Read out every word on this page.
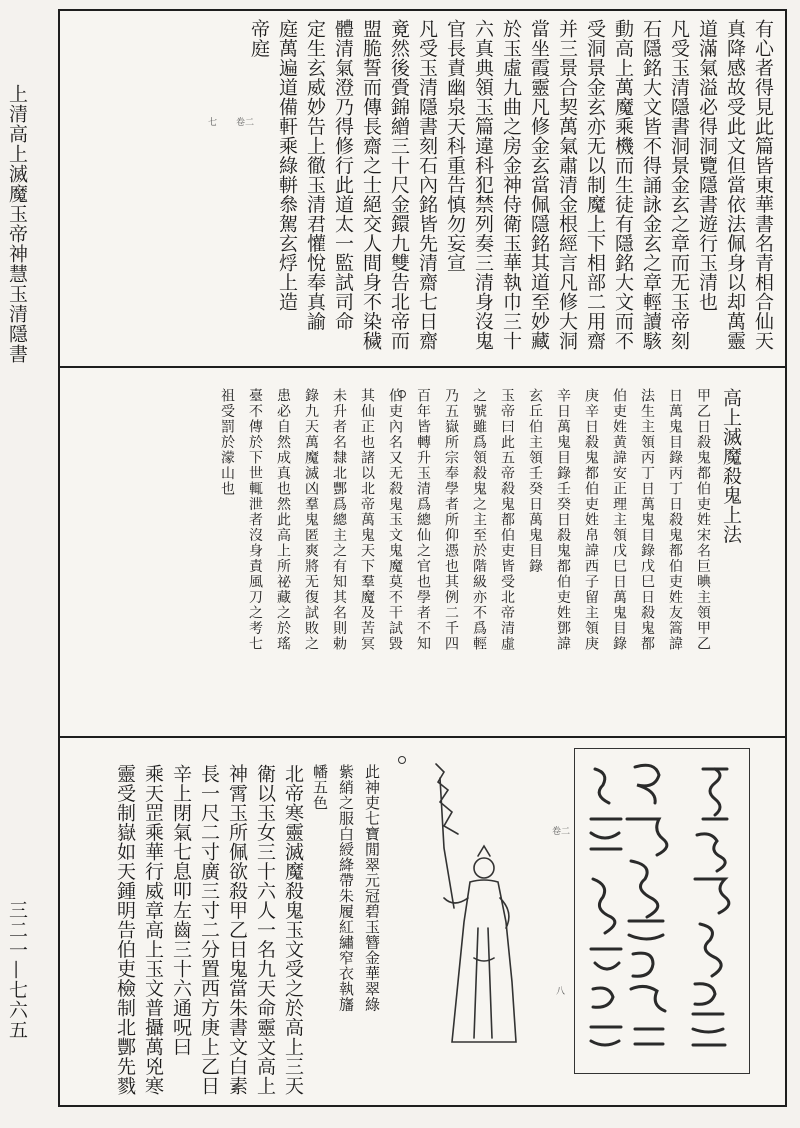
上清高上滅魔玉帝神慧玉清隱書
三二一—七六五
有心者得見此篇皆東華書名青相合仙天
真降感故受此文但當依法佩身以却萬靈
道滿氣溢必得洞覽隱書遊行玉清也
凡受玉清隱書洞景金玄之章而无玉帝刻
石隱銘大文皆不得誦詠金玄之章輕讀駭
動高上萬魔乘機而生徒有隱銘大文而不
受洞景金玄亦无以制魔上下相部二用齋
并三景合契萬氣肅清金根經言凡修大洞
當坐霞靈凡修金玄當佩隱銘其道至妙藏
於玉虛九曲之房金神侍衛玉華執巾三十
六真典領玉篇違科犯禁列奏三清身沒鬼
官長責幽泉天科重告慎勿妄宣
凡受玉清隱書刻石內銘皆先清齋七日齋
竟然後賫錦繒三十尺金鐶九雙告北帝而
盟脆誓而傳長齋之士絕交人間身不染穢
體清氣澄乃得修行此道太一監試司命
定生玄威妙告上徹玉清君懽悅奉真諭
庭萬遍道備軒乘綠軿叅駕玄烰上造
帝庭
卷二
七
高上滅魔殺鬼上法
甲乙日殺鬼都伯吏姓宋名巨晪主領甲乙
日萬鬼目錄丙丁日殺鬼都伯吏姓友篙諱
法生主領丙丁日萬鬼目錄戊巳日殺鬼都
伯吏姓黄諱安正理主領戊巳日萬鬼目錄
庚辛日殺鬼都伯吏姓帛諱西子留主領庚
辛日萬鬼目錄壬癸日殺鬼都伯吏姓鄧諱
玄丘伯主領壬癸日萬鬼目錄
玉帝曰此五帝殺鬼都伯吏皆受北帝清虛
之號雖爲領殺鬼之主至於階級亦不爲輕
乃五嶽所宗奉學者所仰憑也其例二千四
百年皆轉升玉清爲總仙之官也學者不知
伯吏內名又无殺鬼玉文鬼魔莫不干試毀
其仙正也諸以北帝萬鬼天下羣魔及苦冥
未升者名隸北酆爲總主之有知其名則勅
錄九天萬魔滅凶羣鬼匿爽將无復試敗之
患必自然成真也然此高上所祕藏之於瑤
臺不傳於下世輒泄者沒身責風刀之考七
祖受罰於濛山也
卷二
八
此神吏七寶閒翠元冠碧玉簪金華翠綠
紫綃之服白綬絳帶朱履紅繡窄衣執旛
幡五色
北帝寒靈滅魔殺鬼玉文受之於高上三天
衛以玉女三十六人一名九天命靈文高上
神霄玉所佩欲殺甲乙日鬼當朱書文白素
長一尺二寸廣三寸二分置西方庚上乙日
辛上閉氣七息叩左齒三十六通呪曰
乘天罡乘華行威章高上玉文普攝萬兇寒
靈受制嶽如天鍾明告伯吏檢制北酆先戮
